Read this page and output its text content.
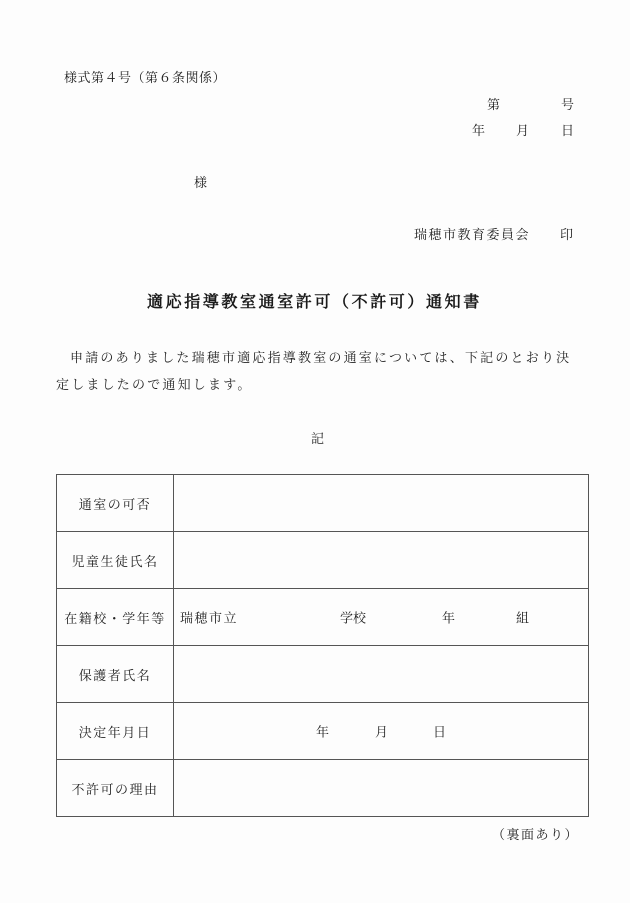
様式第４号（第６条関係）
第	号
年 月 日
様
瑞穂市教育委員会 印
適応指導教室通室許可（不許可）通知書
申請のありました瑞穂市適応指導教室の通室については、下記のとおり決定しましたので通知します。
記
通室の可否	
児童生徒氏名	
在籍校・学年等	瑞穂市立 学校 年 組

保護者氏名	
決定年月日	年 月 日

不許可の理由	
（裏面あり）
